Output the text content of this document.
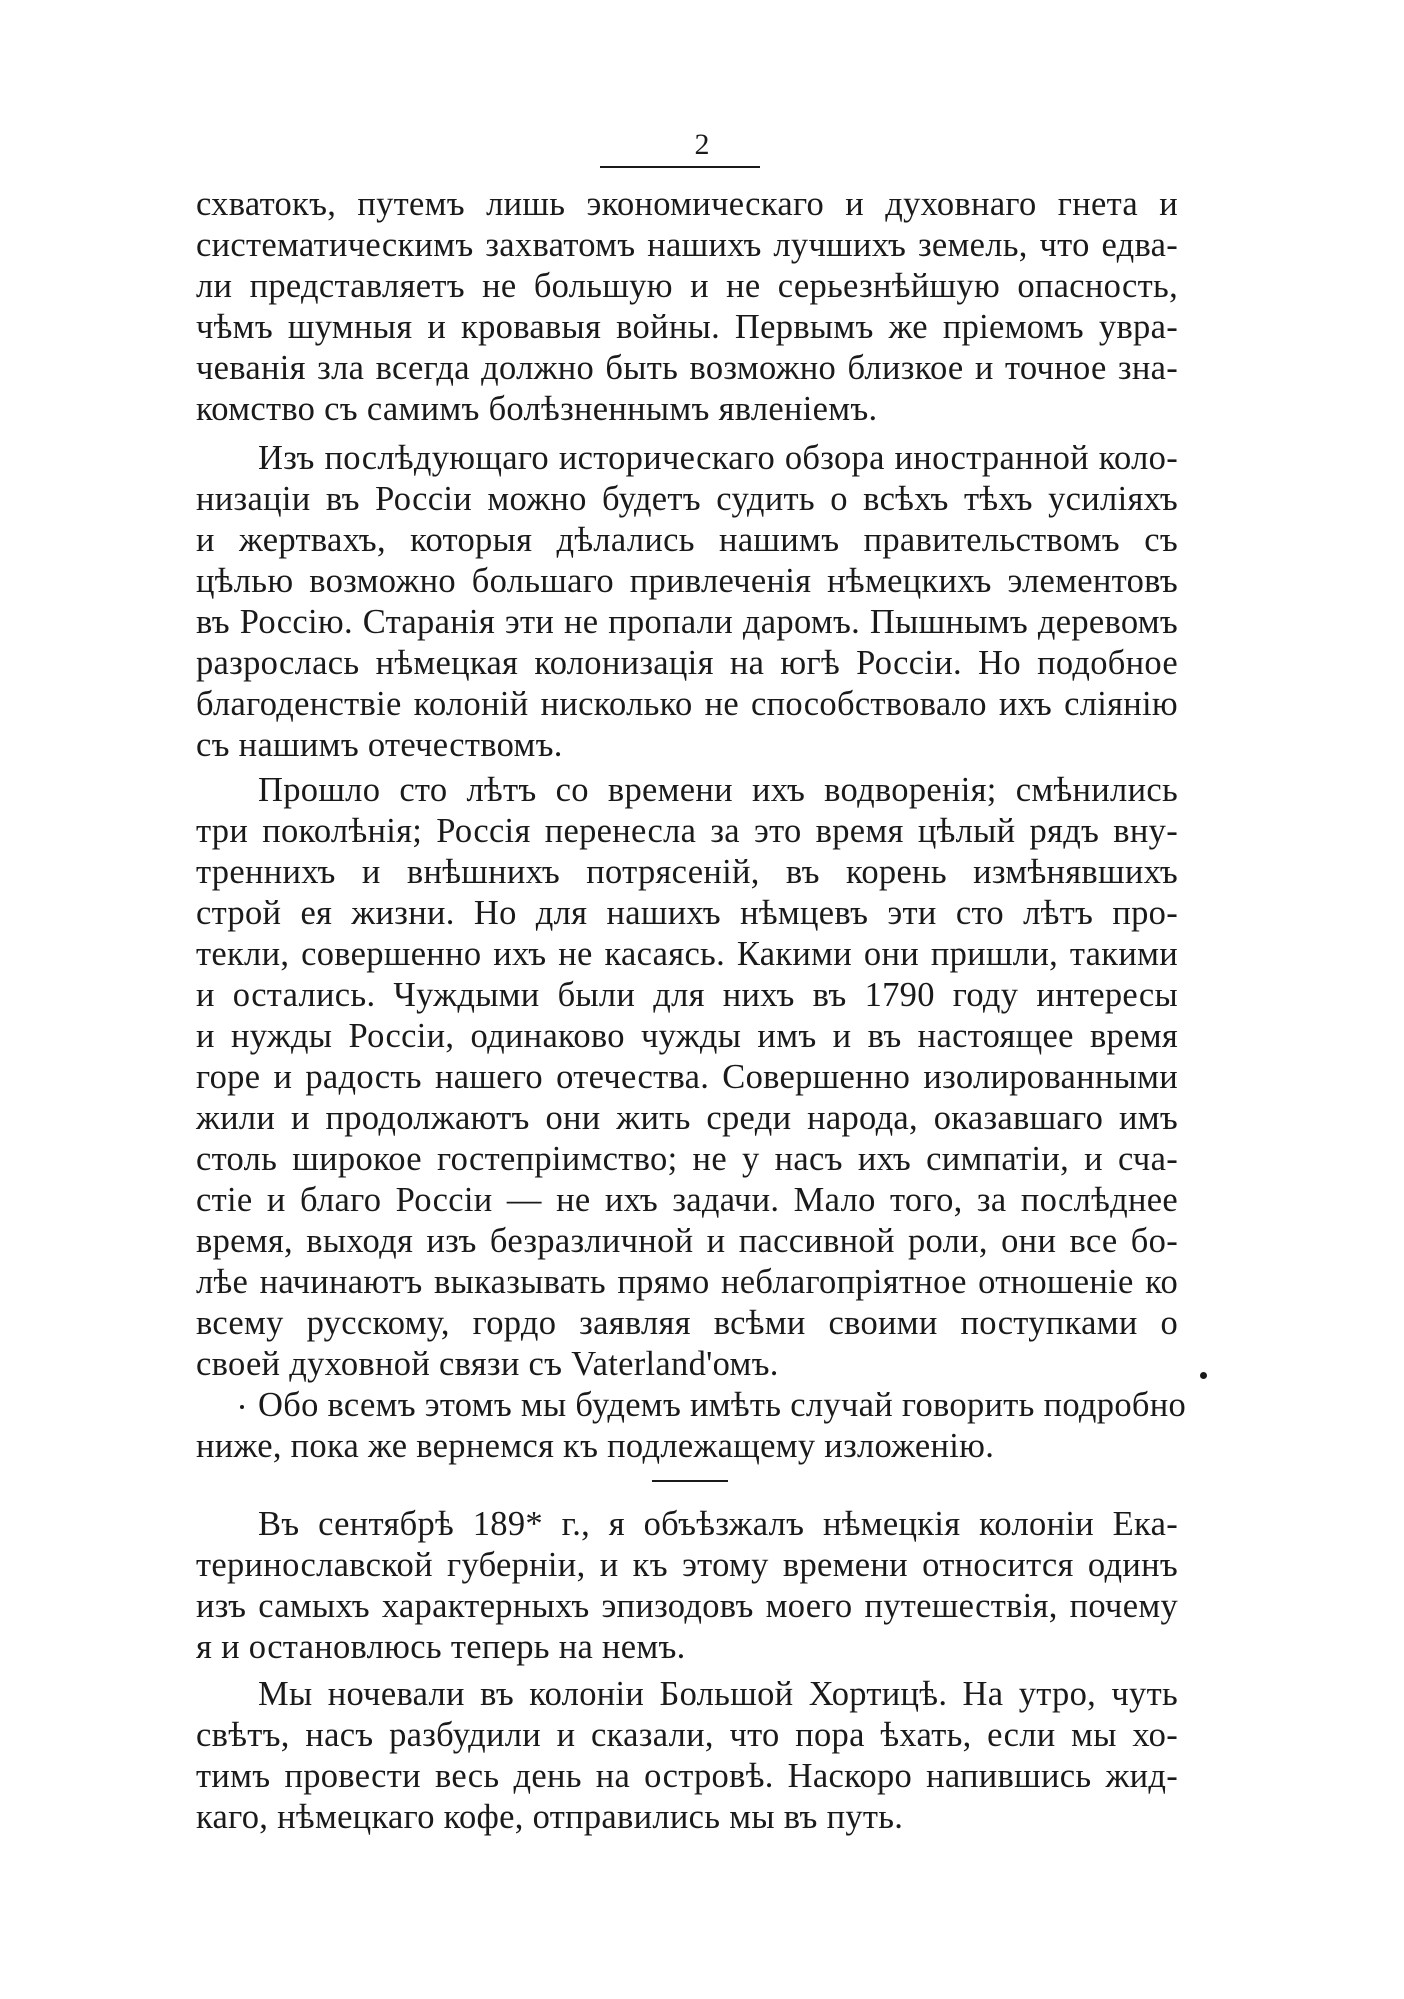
2

схватокъ, путемъ лишь экономическаго и духовнаго гнета и
систематическимъ захватомъ нашихъ лучшихъ земель, что едва-
ли представляетъ не большую и не серьезнѣйшую опасность,
чѣмъ шумныя и кровавыя войны. Первымъ же пріемомъ увра-
чеванія зла всегда должно быть возможно близкое и точное зна-
комство съ самимъ болѣзненнымъ явленіемъ.

Изъ послѣдующаго историческаго обзора иностранной коло-
низаціи въ Россіи можно будетъ судить о всѣхъ тѣхъ усиліяхъ
и жертвахъ, которыя дѣлались нашимъ правительствомъ съ
цѣлью возможно большаго привлеченія нѣмецкихъ элементовъ
въ Россію. Старанія эти не пропали даромъ. Пышнымъ деревомъ
разрослась нѣмецкая колонизація на югѣ Россіи. Но подобное
благоденствіе колоній нисколько не способствовало ихъ сліянію
съ нашимъ отечествомъ.

Прошло сто лѣтъ со времени ихъ водворенія; смѣнились
три поколѣнія; Россія перенесла за это время цѣлый рядъ вну-
треннихъ и внѣшнихъ потрясеній, въ корень измѣнявшихъ
строй ея жизни. Но для нашихъ нѣмцевъ эти сто лѣтъ про-
текли, совершенно ихъ не касаясь. Какими они пришли, такими
и остались. Чуждыми были для нихъ въ 1790 году интересы
и нужды Россіи, одинаково чужды имъ и въ настоящее время
горе и радость нашего отечества. Совершенно изолированными
жили и продолжаютъ они жить среди народа, оказавшаго имъ
столь широкое гостепріимство; не у насъ ихъ симпатіи, и сча-
стіе и благо Россіи — не ихъ задачи. Мало того, за послѣднее
время, выходя изъ безразличной и пассивной роли, они все бо-
лѣе начинаютъ выказывать прямо неблагопріятное отношеніе ко
всему русскому, гордо заявляя всѣми своими поступками о
своей духовной связи съ Vaterland'омъ.

Обо всемъ этомъ мы будемъ имѣть случай говорить подробно
ниже, пока же вернемся къ подлежащему изложенію.

Въ сентябрѣ 189* г., я объѣзжалъ нѣмецкія колоніи Ека-
теринославской губерніи, и къ этому времени относится одинъ
изъ самыхъ характерныхъ эпизодовъ моего путешествія, почему
я и остановлюсь теперь на немъ.

Мы ночевали въ колоніи Большой Хортицѣ. На утро, чуть
свѣтъ, насъ разбудили и сказали, что пора ѣхать, если мы хо-
тимъ провести весь день на островѣ. Наскоро напившись жид-
каго, нѣмецкаго кофе, отправились мы въ путь.
